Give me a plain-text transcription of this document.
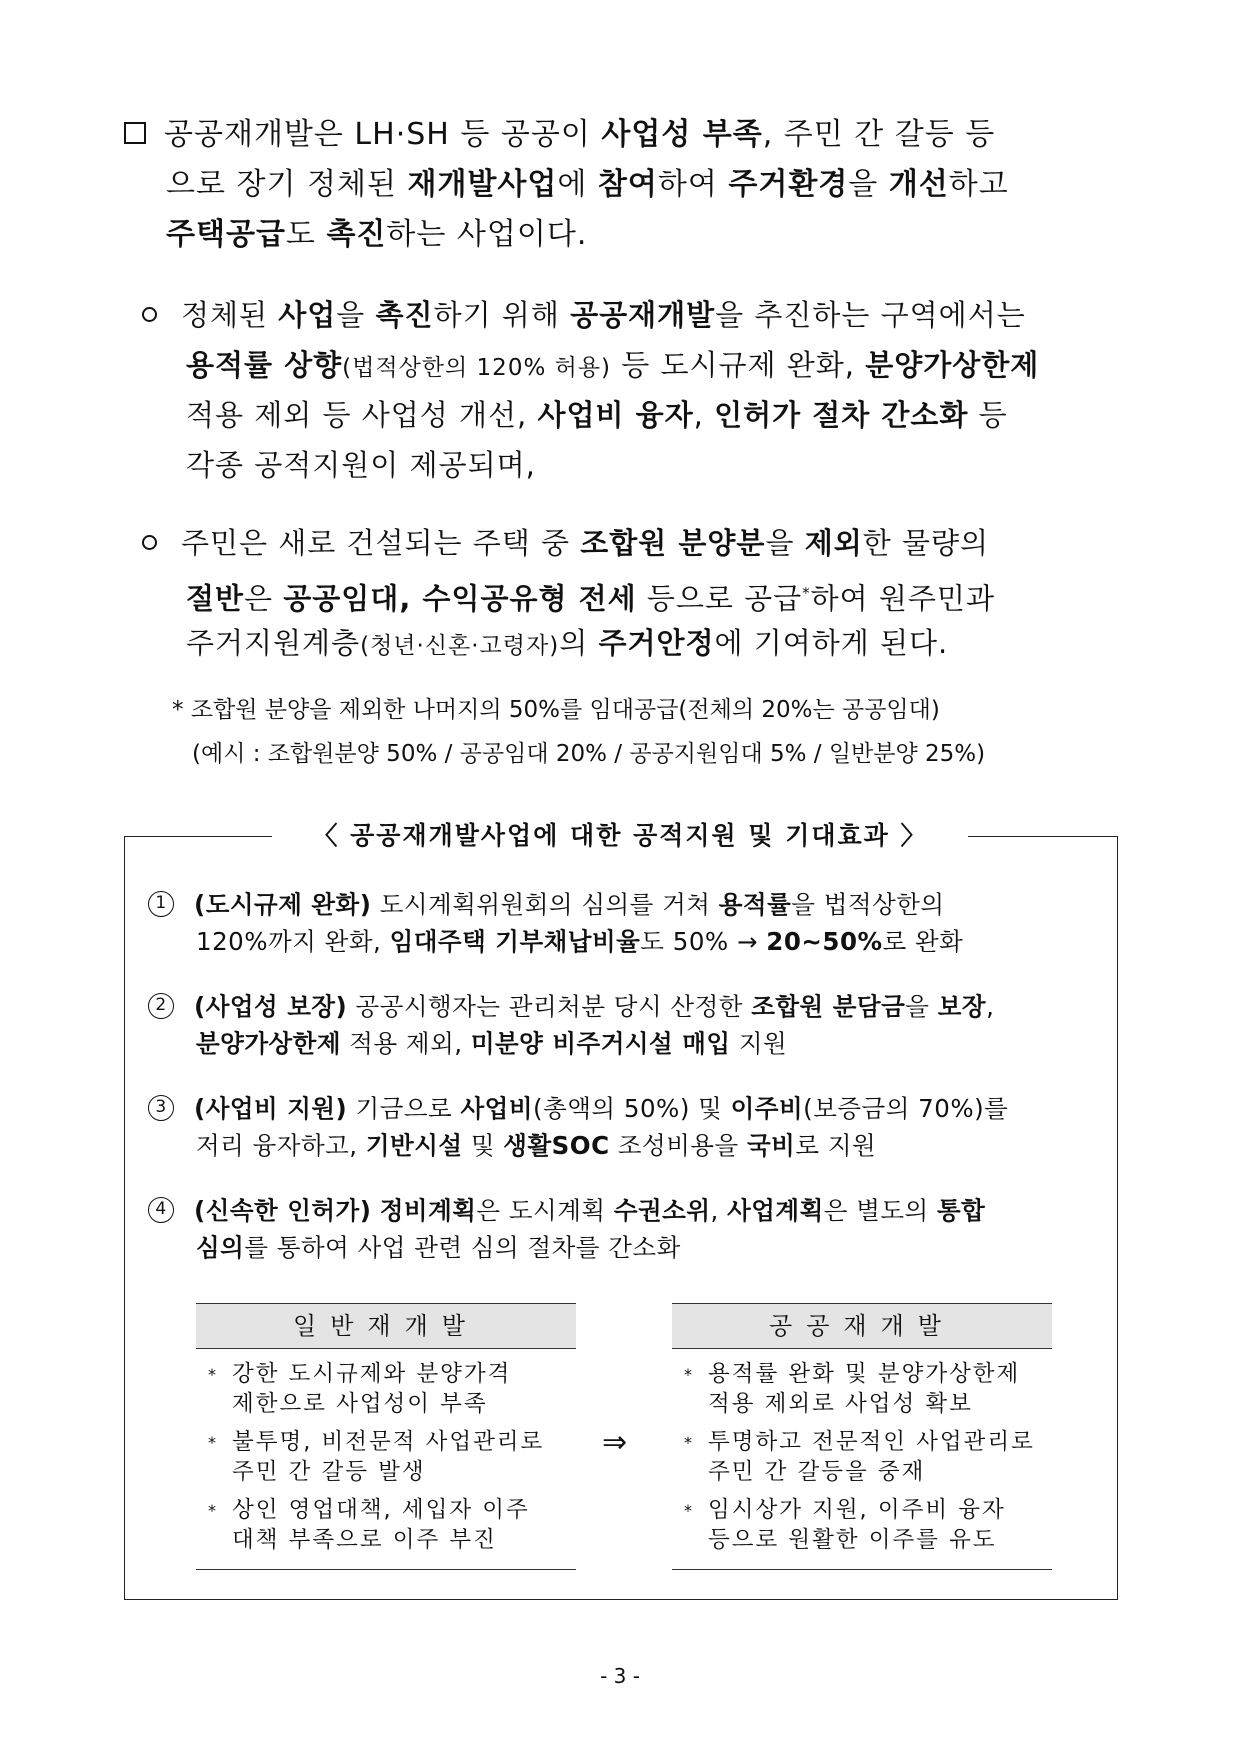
공공재개발은 LH·SH 등 공공이 사업성 부족, 주민 간 갈등 등
으로 장기 정체된 재개발사업에 참여하여 주거환경을 개선하고
주택공급도 촉진하는 사업이다.
정체된 사업을 촉진하기 위해 공공재개발을 추진하는 구역에서는
용적률 상향(법적상한의 120% 허용) 등 도시규제 완화, 분양가상한제
적용 제외 등 사업성 개선, 사업비 융자, 인허가 절차 간소화 등
각종 공적지원이 제공되며,
주민은 새로 건설되는 주택 중 조합원 분양분을 제외한 물량의
절반은 공공임대, 수익공유형 전세 등으로 공급*하여 원주민과
주거지원계층(청년·신혼·고령자)의 주거안정에 기여하게 된다.
* 조합원 분양을 제외한 나머지의 50%를 임대공급(전체의 20%는 공공임대)
(예시 : 조합원분양 50% / 공공임대 20% / 공공지원임대 5% / 일반분양 25%)
〈 공공재개발사업에 대한 공적지원 및 기대효과 〉
1 (도시규제 완화) 도시계획위원회의 심의를 거쳐 용적률을 법적상한의
120%까지 완화, 임대주택 기부채납비율도 50% → 20~50%로 완화
2 (사업성 보장) 공공시행자는 관리처분 당시 산정한 조합원 분담금을 보장,
분양가상한제 적용 제외, 미분양 비주거시설 매입 지원
3 (사업비 지원) 기금으로 사업비(총액의 50%) 및 이주비(보증금의 70%)를
저리 융자하고, 기반시설 및 생활SOC 조성비용을 국비로 지원
4 (신속한 인허가) 정비계획은 도시계획 수권소위, 사업계획은 별도의 통합
심의를 통하여 사업 관련 심의 절차를 간소화
일반재개발
* 강한 도시규제와 분양가격
제한으로 사업성이 부족
* 불투명, 비전문적 사업관리로
주민 간 갈등 발생
* 상인 영업대책, 세입자 이주
대책 부족으로 이주 부진
⇒
공공재개발
* 용적률 완화 및 분양가상한제
적용 제외로 사업성 확보
* 투명하고 전문적인 사업관리로
주민 간 갈등을 중재
* 임시상가 지원, 이주비 융자
등으로 원활한 이주를 유도
- 3 -
